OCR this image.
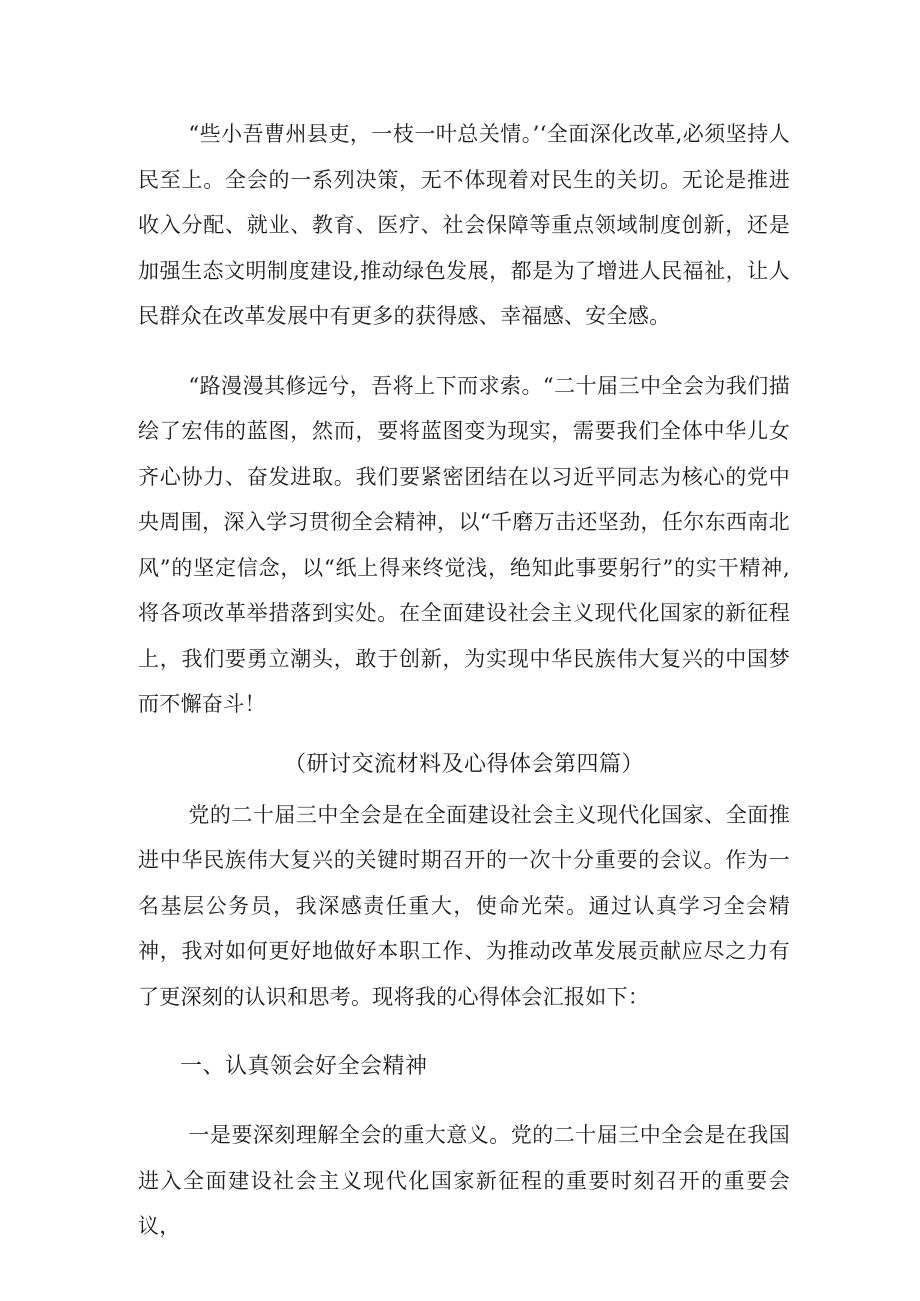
“些小吾曹州县吏，一枝一叶总关情。’‘全面深化改革,必须坚持人民至上。全会的一系列决策，无不体现着对民生的关切。无论是推进收入分配、就业、教育、医疗、社会保障等重点领域制度创新，还是加强生态文明制度建设,推动绿色发展，都是为了增进人民福祉，让人民群众在改革发展中有更多的获得感、幸福感、安全感。

“路漫漫其修远兮，吾将上下而求索。“二十届三中全会为我们描绘了宏伟的蓝图，然而，要将蓝图变为现实，需要我们全体中华儿女齐心协力、奋发进取。我们要紧密团结在以习近平同志为核心的党中央周围，深入学习贯彻全会精神，以“千磨万击还坚劲，任尔东西南北风”的坚定信念，以“纸上得来终觉浅，绝知此事要躬行”的实干精神,将各项改革举措落到实处。在全面建设社会主义现代化国家的新征程上，我们要勇立潮头，敢于创新，为实现中华民族伟大复兴的中国梦而不懈奋斗！

（研讨交流材料及心得体会第四篇）

党的二十届三中全会是在全面建设社会主义现代化国家、全面推进中华民族伟大复兴的关键时期召开的一次十分重要的会议。作为一名基层公务员，我深感责任重大，使命光荣。通过认真学习全会精神，我对如何更好地做好本职工作、为推动改革发展贡献应尽之力有了更深刻的认识和思考。现将我的心得体会汇报如下：

一、认真领会好全会精神

一是要深刻理解全会的重大意义。党的二十届三中全会是在我国进入全面建设社会主义现代化国家新征程的重要时刻召开的重要会议，
